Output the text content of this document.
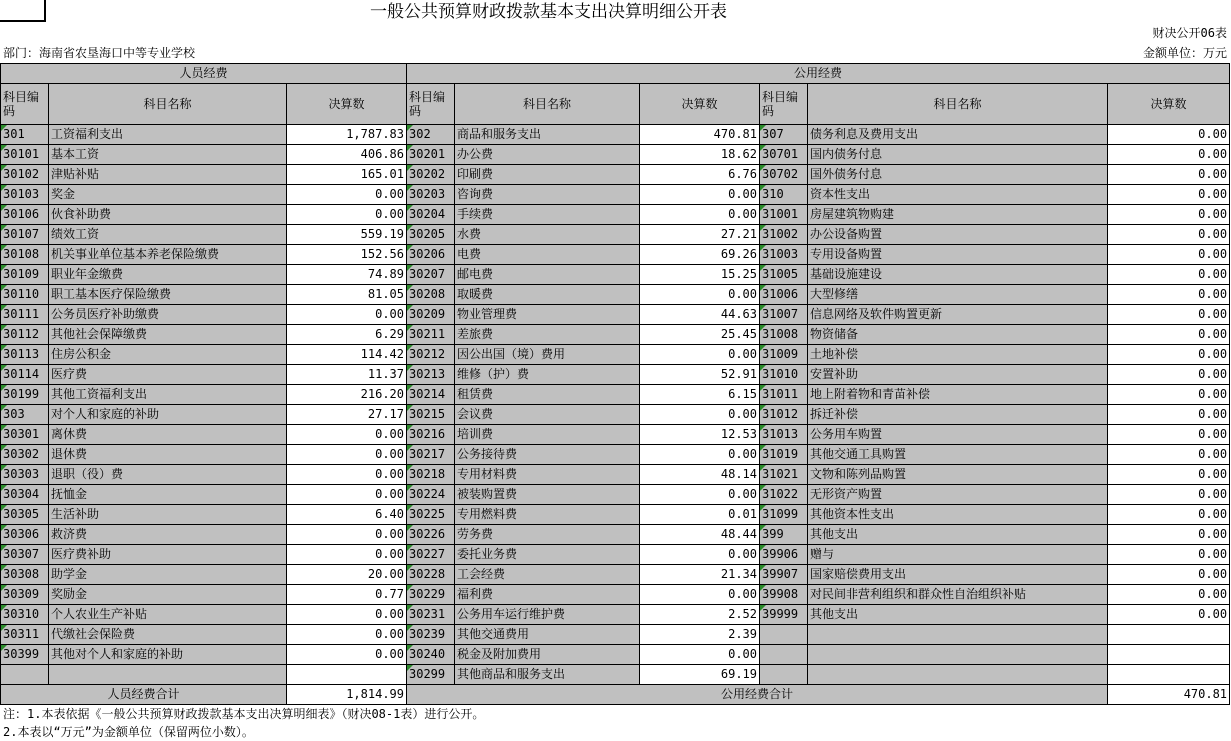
一般公共预算财政拨款基本支出决算明细公开表
财决公开06表
部门：海南省农垦海口中等专业学校	金额单位：万元
人员经费			公用经费					
科目编码	科目名称	决算数	科目编码	科目名称	决算数	科目编码	科目名称	决算数
301	工资福利支出	1,787.83	302	商品和服务支出	470.81	307	债务利息及费用支出	0.00
30101	基本工资	406.86	30201	办公费	18.62	30701	国内债务付息	0.00
30102	津贴补贴	165.01	30202	印刷费	6.76	30702	国外债务付息	0.00
30103	奖金	0.00	30203	咨询费	0.00	310	资本性支出	0.00
30106	伙食补助费	0.00	30204	手续费	0.00	31001	房屋建筑物购建	0.00
30107	绩效工资	559.19	30205	水费	27.21	31002	办公设备购置	0.00
30108	机关事业单位基本养老保险缴费	152.56	30206	电费	69.26	31003	专用设备购置	0.00
30109	职业年金缴费	74.89	30207	邮电费	15.25	31005	基础设施建设	0.00
30110	职工基本医疗保险缴费	81.05	30208	取暖费	0.00	31006	大型修缮	0.00
30111	公务员医疗补助缴费	0.00	30209	物业管理费	44.63	31007	信息网络及软件购置更新	0.00
30112	其他社会保障缴费	6.29	30211	差旅费	25.45	31008	物资储备	0.00
30113	住房公积金	114.42	30212	因公出国（境）费用	0.00	31009	土地补偿	0.00
30114	医疗费	11.37	30213	维修（护）费	52.91	31010	安置补助	0.00
30199	其他工资福利支出	216.20	30214	租赁费	6.15	31011	地上附着物和青苗补偿	0.00
303	对个人和家庭的补助	27.17	30215	会议费	0.00	31012	拆迁补偿	0.00
30301	离休费	0.00	30216	培训费	12.53	31013	公务用车购置	0.00
30302	退休费	0.00	30217	公务接待费	0.00	31019	其他交通工具购置	0.00
30303	退职（役）费	0.00	30218	专用材料费	48.14	31021	文物和陈列品购置	0.00
30304	抚恤金	0.00	30224	被装购置费	0.00	31022	无形资产购置	0.00
30305	生活补助	6.40	30225	专用燃料费	0.01	31099	其他资本性支出	0.00
30306	救济费	0.00	30226	劳务费	48.44	399	其他支出	0.00
30307	医疗费补助	0.00	30227	委托业务费	0.00	39906	赠与	0.00
30308	助学金	20.00	30228	工会经费	21.34	39907	国家赔偿费用支出	0.00
30309	奖励金	0.77	30229	福利费	0.00	39908	对民间非营利组织和群众性自治组织补贴	0.00
30310	个人农业生产补贴	0.00	30231	公务用车运行维护费	2.52	39999	其他支出	0.00
30311	代缴社会保险费	0.00	30239	其他交通费用	2.39			
30399	其他对个人和家庭的补助	0.00	30240	税金及附加费用	0.00			
			30299	其他商品和服务支出	69.19			
人员经费合计		1,814.99	公用经费合计					470.81
注：1.本表依据《一般公共预算财政拨款基本支出决算明细表》（财决08-1表）进行公开。
2.本表以“万元”为金额单位（保留两位小数）。
